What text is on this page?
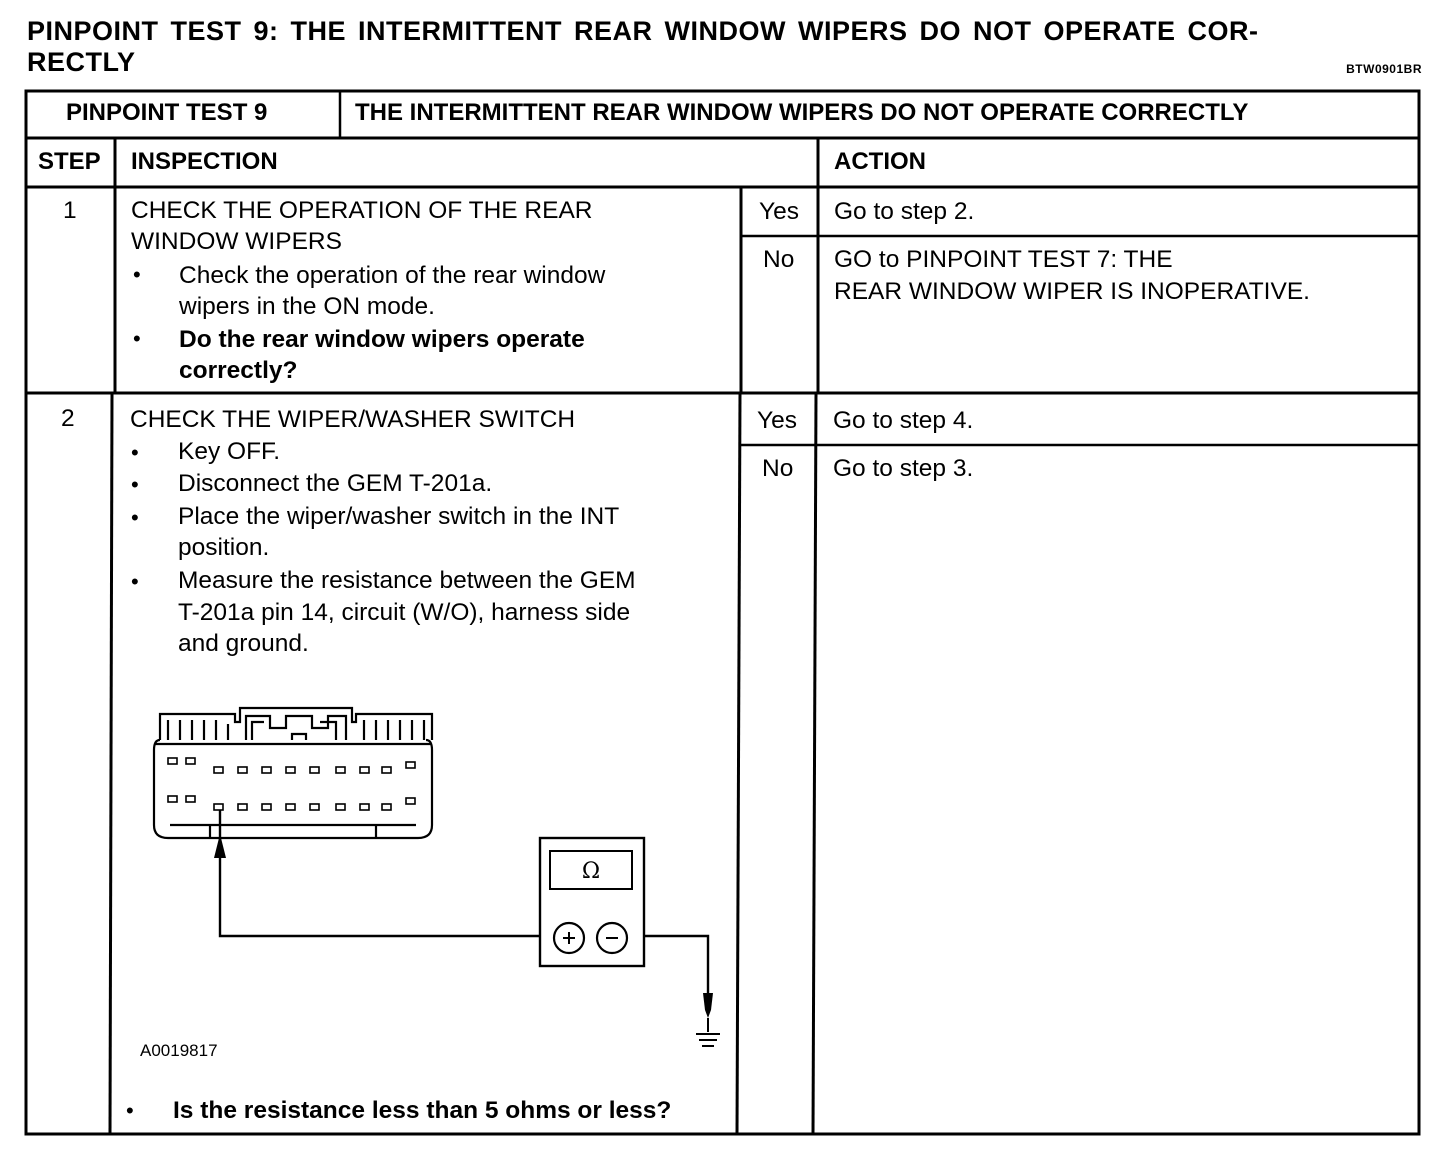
PINPOINT TEST 9: THE INTERMITTENT REAR WINDOW WIPERS DO NOT OPERATE COR-
RECTLY	BTW0901BR
PINPOINT TEST 9	THE INTERMITTENT REAR WINDOW WIPERS DO NOT OPERATE CORRECTLY
STEP INSPECTION	ACTION
1 CHECK THE OPERATION OF THE REAR
WINDOW WIPERS
• Check the operation of the rear window
wipers in the ON mode.
• Do the rear window wipers operate
correctly?
Yes Go to step 2.
No GO to PINPOINT TEST 7: THE
REAR WINDOW WIPER IS INOPERATIVE.
2 CHECK THE WIPER/WASHER SWITCH
• Key OFF.
• Disconnect the GEM T-201a.
• Place the wiper/washer switch in the INT
position.
• Measure the resistance between the GEM
T-201a pin 14, circuit (W/O), harness side
and ground.
Ω
A0019817
• Is the resistance less than 5 ohms or less?
Yes Go to step 4.
No Go to step 3.
